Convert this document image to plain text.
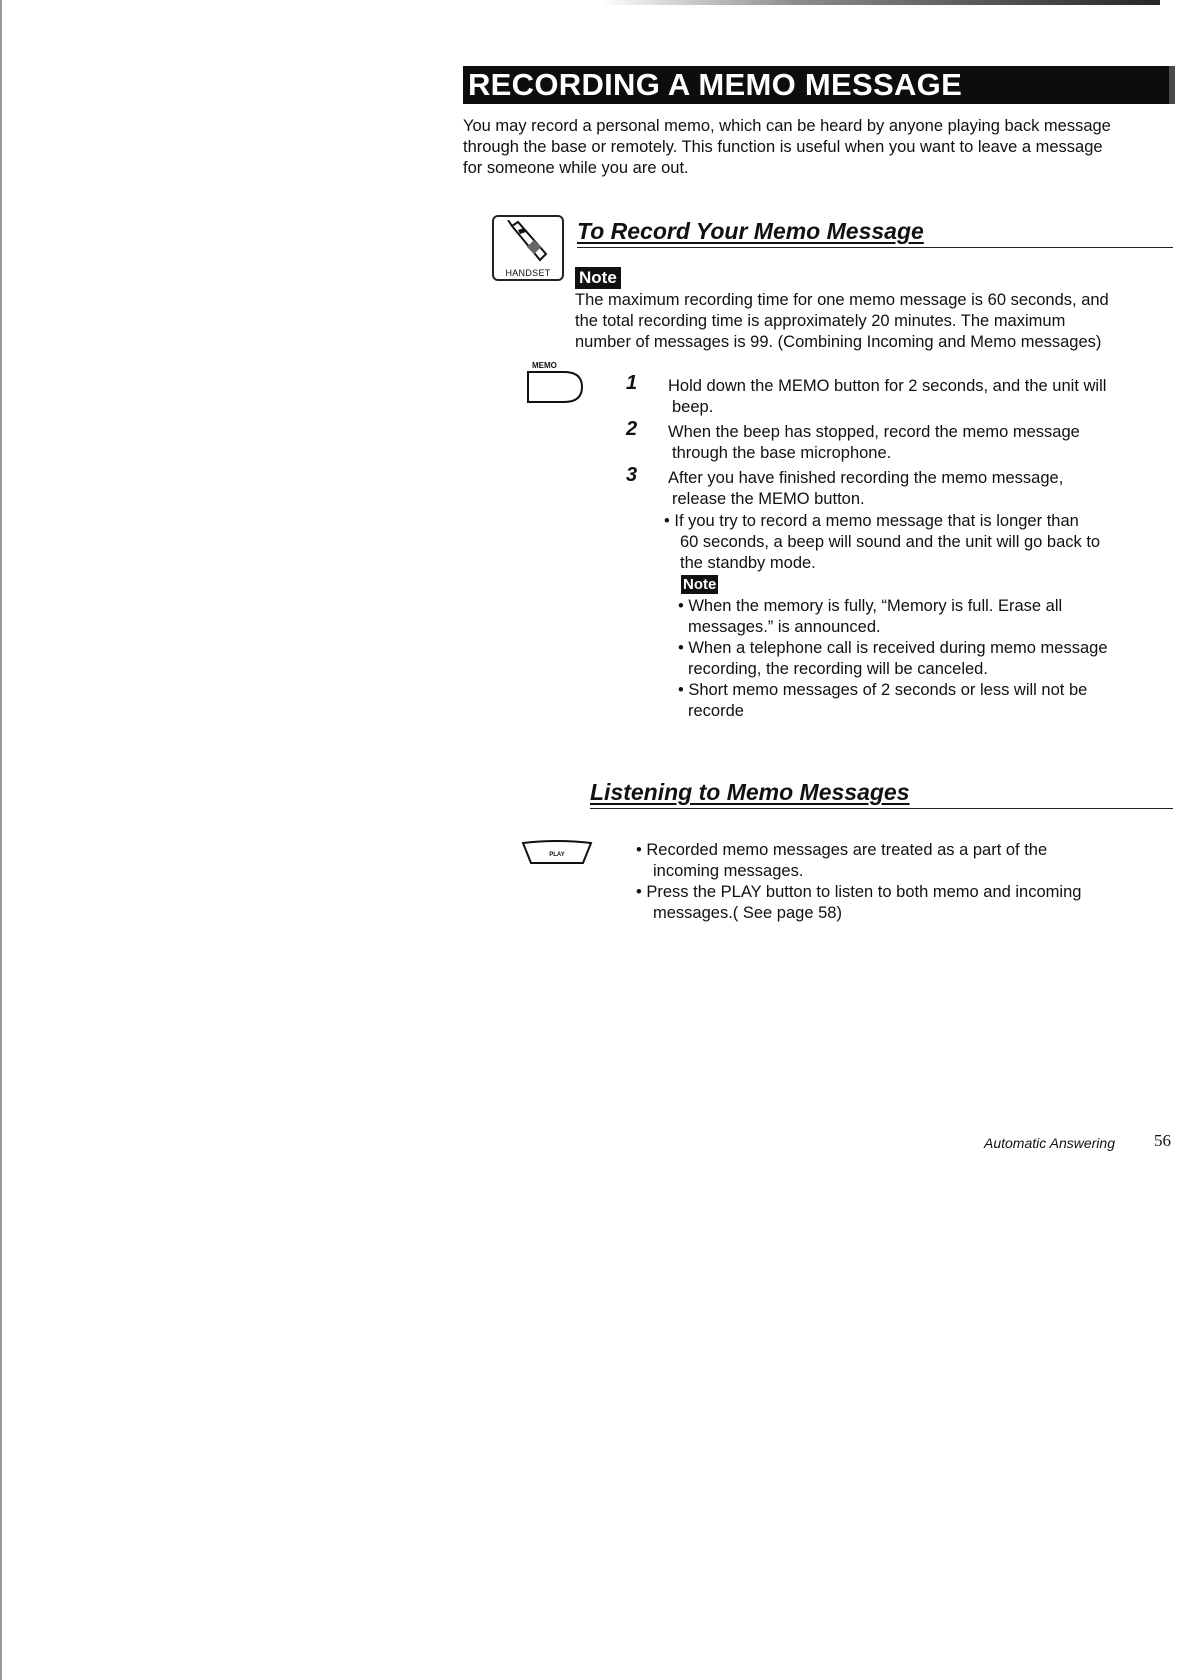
RECORDING A MEMO MESSAGE
You may record a personal memo, which can be heard by anyone playing back message
through the base or remotely. This function is useful when you want to leave a message
for someone while you are out.
HANDSET
To Record Your Memo Message
Note
The maximum recording time for one memo message is 60 seconds, and
the total recording time is approximately 20 minutes. The maximum
number of messages is 99. (Combining Incoming and Memo messages)
MEMO
1 Hold down the MEMO button for 2 seconds, and the unit will
beep.
2 When the beep has stopped, record the memo message
through the base microphone.
3 After you have finished recording the memo message,
release the MEMO button.
• If you try to record a memo message that is longer than
60 seconds, a beep will sound and the unit will go back to
the standby mode.
Note
• When the memory is fully, “Memory is full. Erase all
messages.” is announced.
• When a telephone call is received during memo message
recording, the recording will be canceled.
• Short memo messages of 2 seconds or less will not be
recorde
Listening to Memo Messages
PLAY	• Recorded memo messages are treated as a part of the
incoming messages.
• Press the PLAY button to listen to both memo and incoming
messages.( See page 58)
Automatic Answering 56
